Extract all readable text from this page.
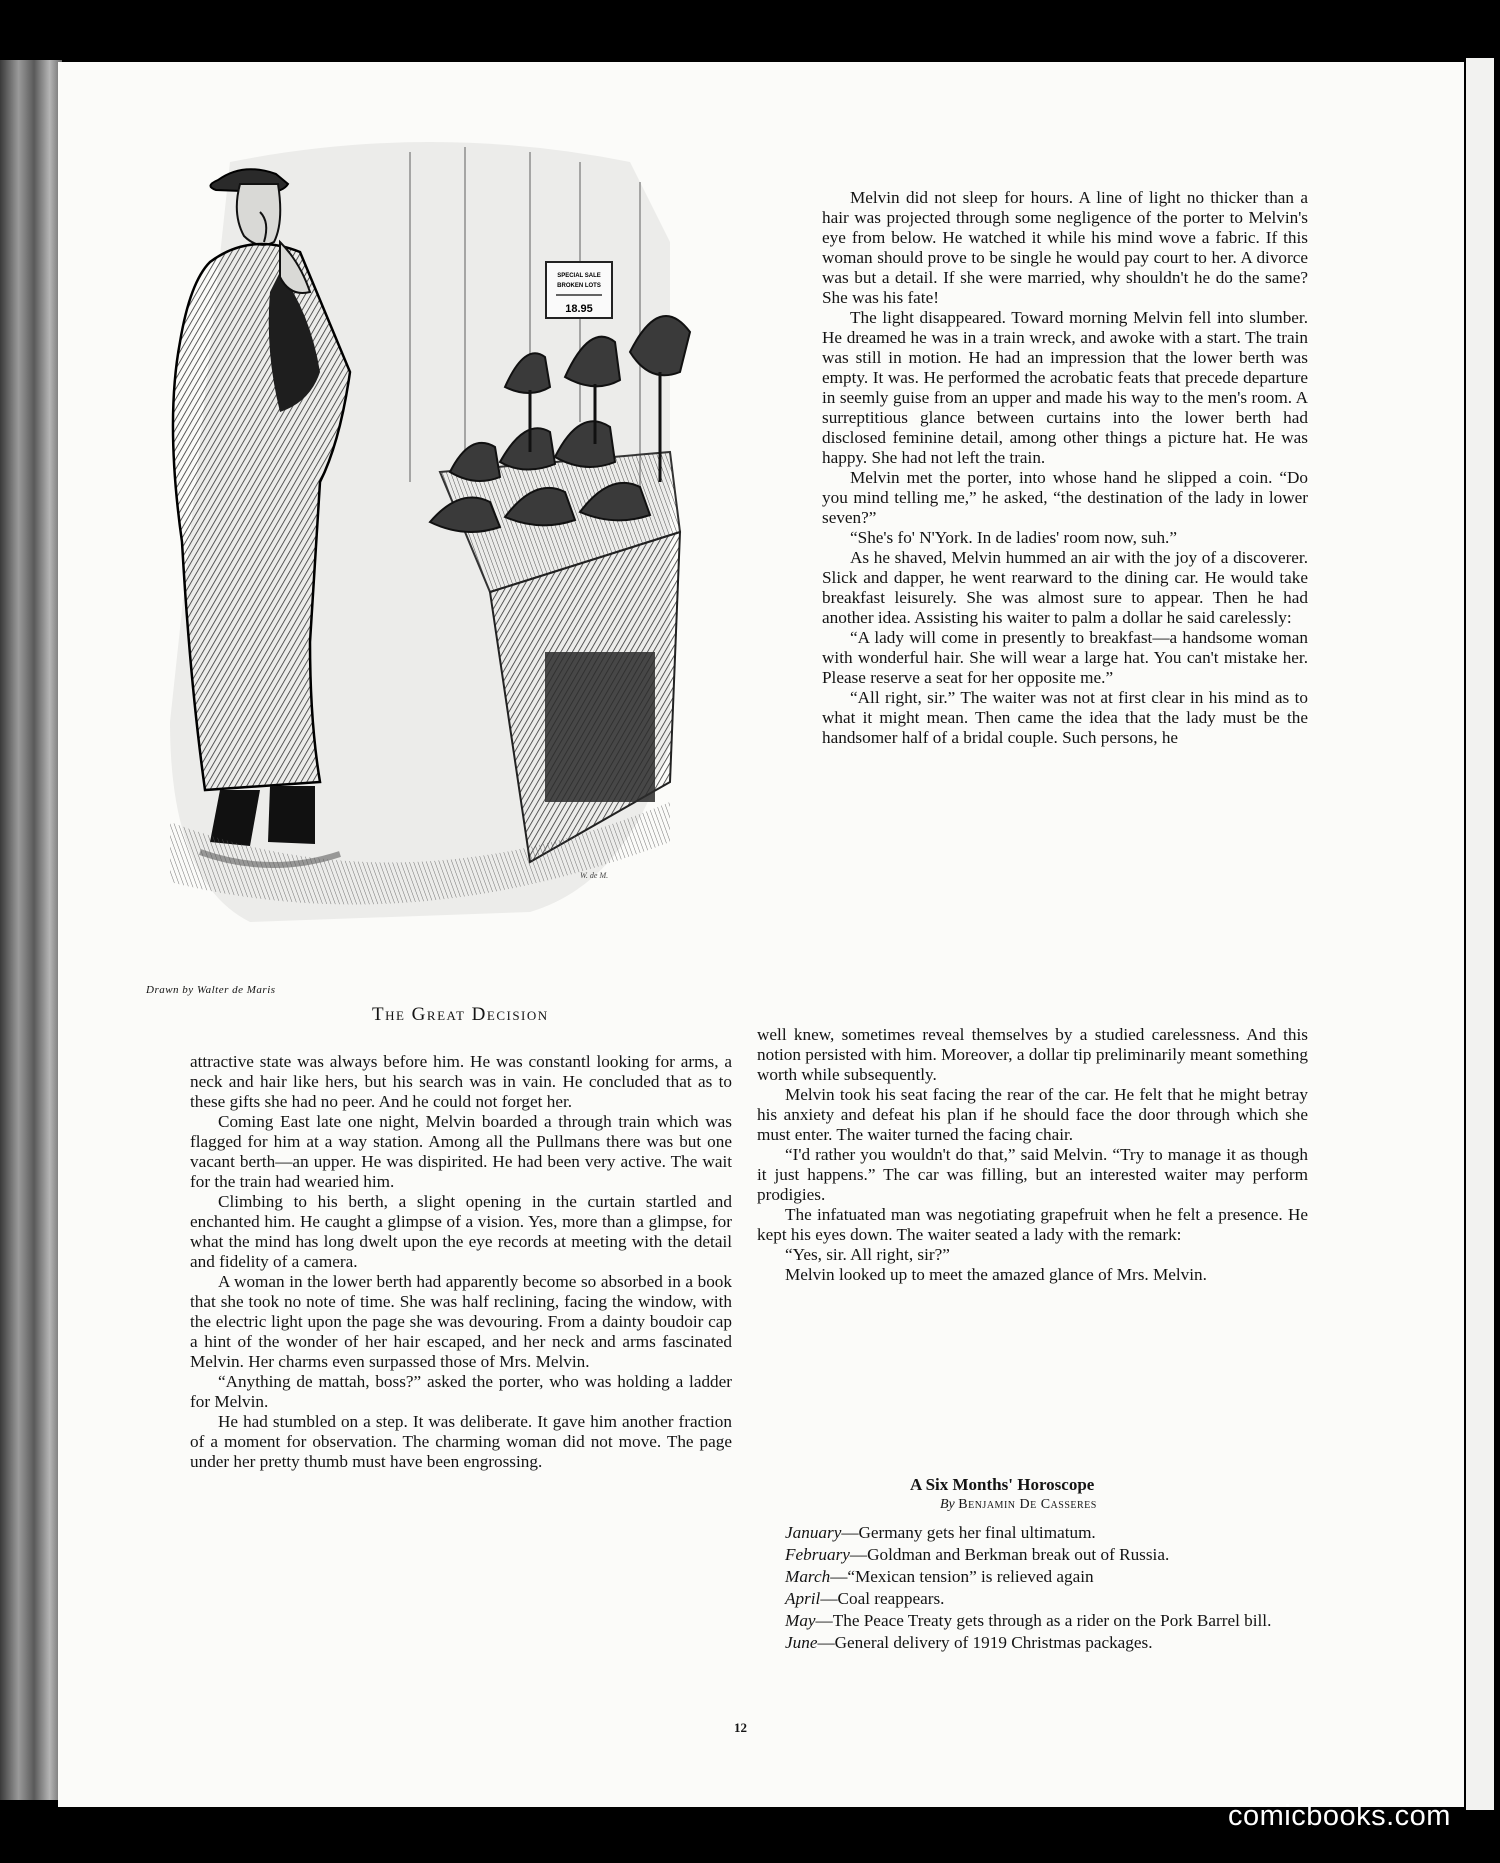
SPECIAL SALE
BROKEN LOTS
18.95
W. de M.
Drawn by Walter de Maris
The Great Decision

attractive state was always before him. He was constantl looking for arms, a neck and hair like hers, but his search was in vain. He concluded that as to these gifts she had no peer. And he could not forget her.

Coming East late one night, Melvin boarded a through train which was flagged for him at a way station. Among all the Pullmans there was but one vacant berth—an upper. He was dispirited. He had been very active. The wait for the train had wearied him.

Climbing to his berth, a slight opening in the curtain startled and enchanted him. He caught a glimpse of a vision. Yes, more than a glimpse, for what the mind has long dwelt upon the eye records at meeting with the detail and fidelity of a camera.

A woman in the lower berth had apparently become so absorbed in a book that she took no note of time. She was half reclining, facing the window, with the electric light upon the page she was devouring. From a dainty boudoir cap a hint of the wonder of her hair escaped, and her neck and arms fascinated Melvin. Her charms even surpassed those of Mrs. Melvin.

“Anything de mattah, boss?” asked the porter, who was holding a ladder for Melvin.

He had stumbled on a step. It was deliberate. It gave him another fraction of a moment for observation. The charming woman did not move. The page under her pretty thumb must have been engrossing.

Melvin did not sleep for hours. A line of light no thicker than a hair was projected through some negligence of the porter to Melvin's eye from below. He watched it while his mind wove a fabric. If this woman should prove to be single he would pay court to her. A divorce was but a detail. If she were married, why shouldn't he do the same? She was his fate!

The light disappeared. Toward morning Melvin fell into slumber. He dreamed he was in a train wreck, and awoke with a start. The train was still in motion. He had an impression that the lower berth was empty. It was. He performed the acrobatic feats that precede departure in seemly guise from an upper and made his way to the men's room. A surreptitious glance between curtains into the lower berth had disclosed feminine detail, among other things a picture hat. He was happy. She had not left the train.

Melvin met the porter, into whose hand he slipped a coin. “Do you mind telling me,” he asked, “the destination of the lady in lower seven?”

“She's fo' N'York. In de ladies' room now, suh.”

As he shaved, Melvin hummed an air with the joy of a discoverer. Slick and dapper, he went rearward to the dining car. He would take breakfast leisurely. She was almost sure to appear. Then he had another idea. Assisting his waiter to palm a dollar he said carelessly:

“A lady will come in presently to breakfast—a handsome woman with wonderful hair. She will wear a large hat. You can't mistake her. Please reserve a seat for her opposite me.”

“All right, sir.” The waiter was not at first clear in his mind as to what it might mean. Then came the idea that the lady must be the handsomer half of a bridal couple. Such persons, he

well knew, sometimes reveal themselves by a studied carelessness. And this notion persisted with him. Moreover, a dollar tip preliminarily meant something worth while subsequently.

Melvin took his seat facing the rear of the car. He felt that he might betray his anxiety and defeat his plan if he should face the door through which she must enter. The waiter turned the facing chair.

“I'd rather you wouldn't do that,” said Melvin. “Try to manage it as though it just happens.” The car was filling, but an interested waiter may perform prodigies.

The infatuated man was negotiating grapefruit when he felt a presence. He kept his eyes down. The waiter seated a lady with the remark:

“Yes, sir. All right, sir?”

Melvin looked up to meet the amazed glance of Mrs. Melvin.

A Six Months' Horoscope
By Benjamin De Casseres
January—Germany gets her final ultimatum.
February—Goldman and Berkman break out of Russia.
March—“Mexican tension” is relieved again
April—Coal reappears.
May—The Peace Treaty gets through as a rider on the Pork Barrel bill.
June—General delivery of 1919 Christmas packages.
12
comicbooks.com
